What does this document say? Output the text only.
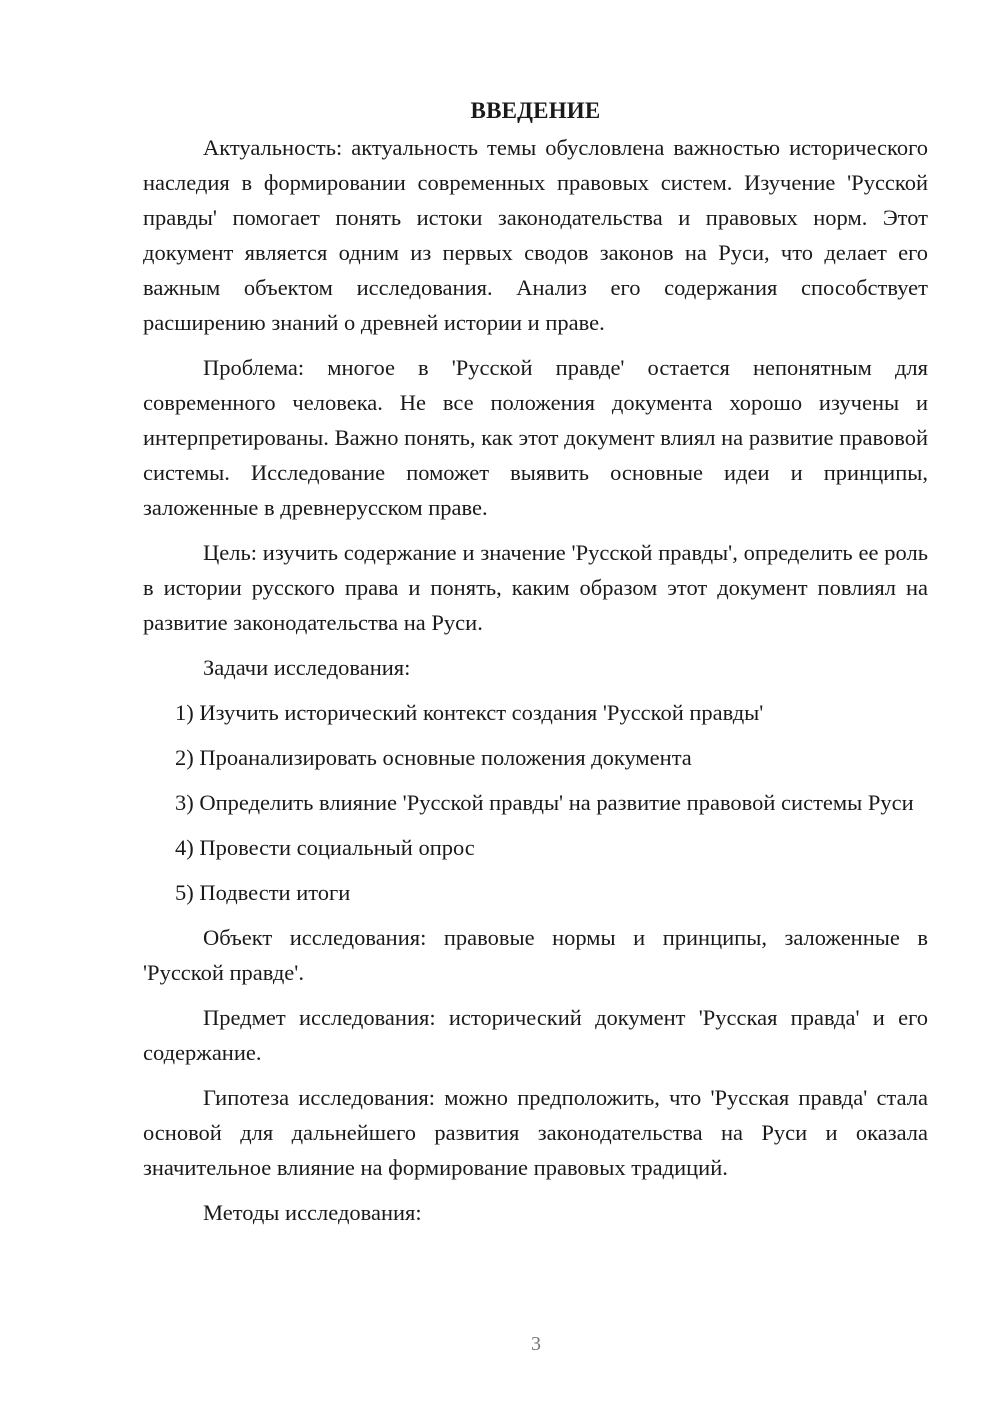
ВВЕДЕНИЕ

Актуальность: актуальность темы обусловлена важностью исторического наследия в формировании современных правовых систем. Изучение 'Русской правды' помогает понять истоки законодательства и правовых норм. Этот документ является одним из первых сводов законов на Руси, что делает его важным объектом исследования. Анализ его содержания способствует расширению знаний о древней истории и праве.

Проблема: многое в 'Русской правде' остается непонятным для современного человека. Не все положения документа хорошо изучены и интерпретированы. Важно понять, как этот документ влиял на развитие правовой системы. Исследование поможет выявить основные идеи и принципы, заложенные в древнерусском праве.

Цель: изучить содержание и значение 'Русской правды', определить ее роль в истории русского права и понять, каким образом этот документ повлиял на развитие законодательства на Руси.

Задачи исследования:

1) Изучить исторический контекст создания 'Русской правды'

2) Проанализировать основные положения документа

3) Определить влияние 'Русской правды' на развитие правовой системы Руси

4) Провести социальный опрос

5) Подвести итоги

Объект исследования: правовые нормы и принципы, заложенные в 'Русской правде'.

Предмет исследования: исторический документ 'Русская правда' и его содержание.

Гипотеза исследования: можно предположить, что 'Русская правда' стала основой для дальнейшего развития законодательства на Руси и оказала значительное влияние на формирование правовых традиций.

Методы исследования:

3
